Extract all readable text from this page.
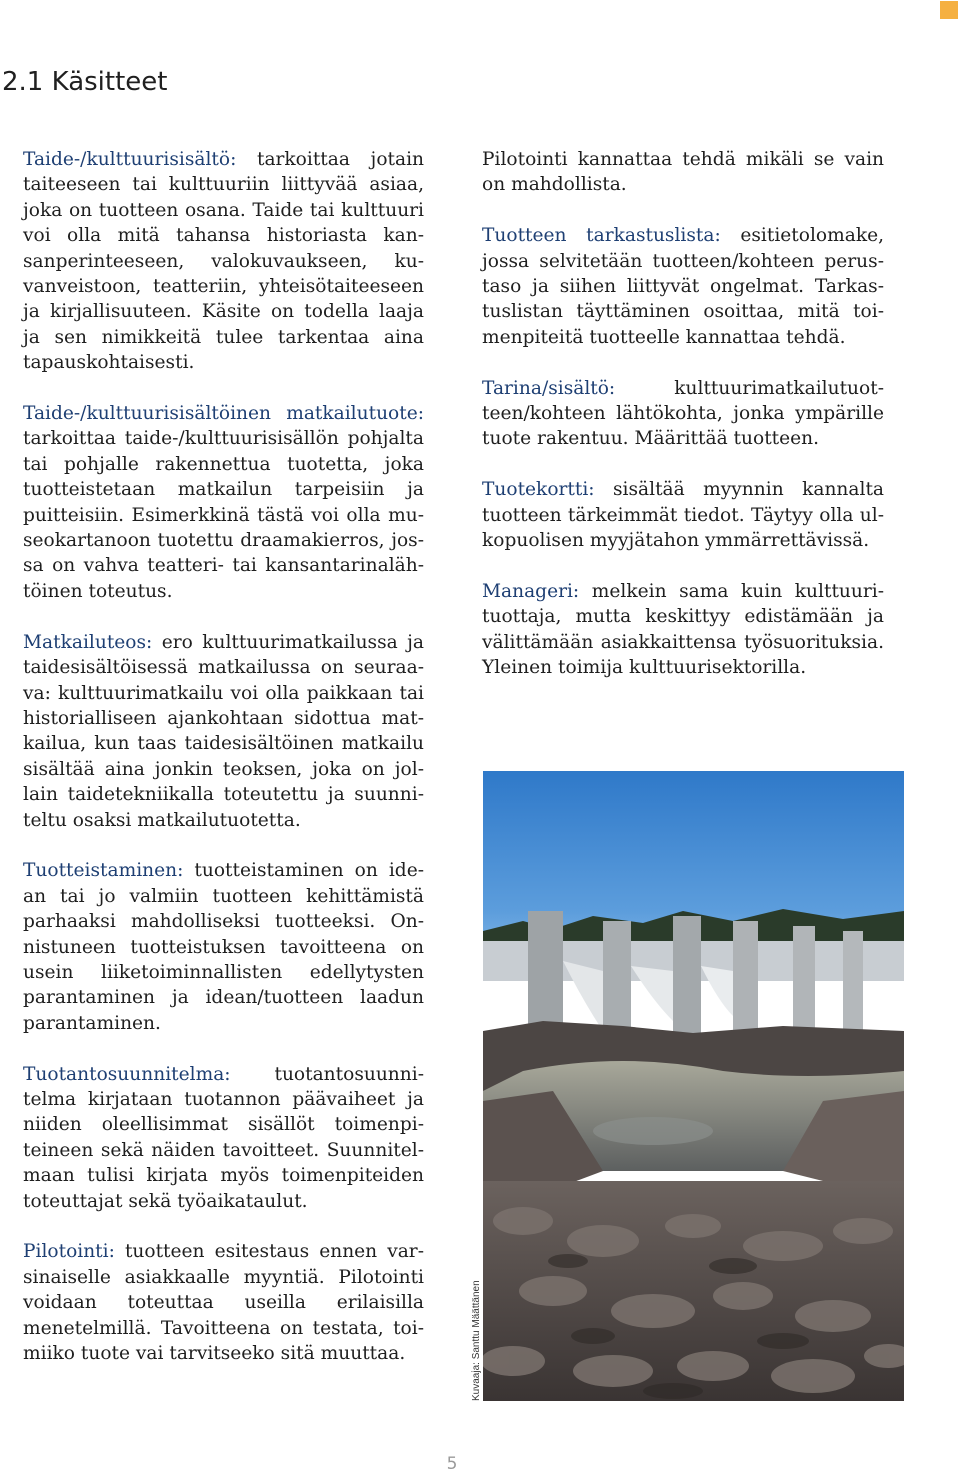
2.1 Käsitteet

Taide-/kulttuurisisältö: tarkoittaa jotain taiteeseen tai kulttuuriin liittyvää asiaa, joka on tuotteen osana. Taide tai kulttuuri voi olla mitä tahansa historiasta kansanperinteeseen, valokuvaukseen, kuvanveistoon, teatteriin, yhteisötaiteeseen ja kirjallisuuteen. Käsite on todella laaja ja sen nimikkeitä tulee tarkentaa aina tapauskohtaisesti.

Taide-/kulttuurisisältöinen matkailutuote: tarkoittaa taide-/kulttuurisisällön pohjalta tai pohjalle rakennettua tuotetta, joka tuotteistetaan matkailun tarpeisiin ja puitteisiin. Esimerkkinä tästä voi olla museokartanoon tuotettu draamakierros, jossa on vahva teatteri- tai kansantarinalähtöinen toteutus.

Matkailuteos: ero kulttuurimatkailussa ja taidesisältöisessä matkailussa on seuraava: kulttuurimatkailu voi olla paikkaan tai historialliseen ajankohtaan sidottua matkailua, kun taas taidesisältöinen matkailu sisältää aina jonkin teoksen, joka on jollain taidetekniikalla toteutettu ja suunniteltu osaksi matkailutuotetta.

Tuotteistaminen: tuotteistaminen on idean tai jo valmiin tuotteen kehittämistä parhaaksi mahdolliseksi tuotteeksi. Onnistuneen tuotteistuksen tavoitteena on usein liiketoiminnallisten edellytysten parantaminen ja idean/tuotteen laadun parantaminen.

Tuotantosuunnitelma: tuotantosuunnitelma kirjataan tuotannon päävaiheet ja niiden oleellisimmat sisällöt toimenpiteineen sekä näiden tavoitteet. Suunnitelmaan tulisi kirjata myös toimenpiteiden toteuttajat sekä työaikataulut.

Pilotointi: tuotteen esitestaus ennen varsinaiselle asiakkaalle myyntiä. Pilotointi voidaan toteuttaa useilla erilaisilla menetelmillä. Tavoitteena on testata, toimiiko tuote vai tarvitseeko sitä muuttaa.

Pilotointi kannattaa tehdä mikäli se vain on mahdollista.

Tuotteen tarkastuslista: esitietolomake, jossa selvitetään tuotteen/kohteen perustaso ja siihen liittyvät ongelmat. Tarkastuslistan täyttäminen osoittaa, mitä toimenpiteitä tuotteelle kannattaa tehdä.

Tarina/sisältö: kulttuurimatkailutuotteen/kohteen lähtökohta, jonka ympärille tuote rakentuu. Määrittää tuotteen.

Tuotekortti: sisältää myynnin kannalta tuotteen tärkeimmät tiedot. Täytyy olla ulkopuolisen myyjätahon ymmärrettävissä.

Manageri: melkein sama kuin kulttuurituottaja, mutta keskittyy edistämään ja välittämään asiakkaittensa työsuorituksia. Yleinen toimija kulttuurisektorilla.

Kuvaaja: Santtu Määttänen
5
